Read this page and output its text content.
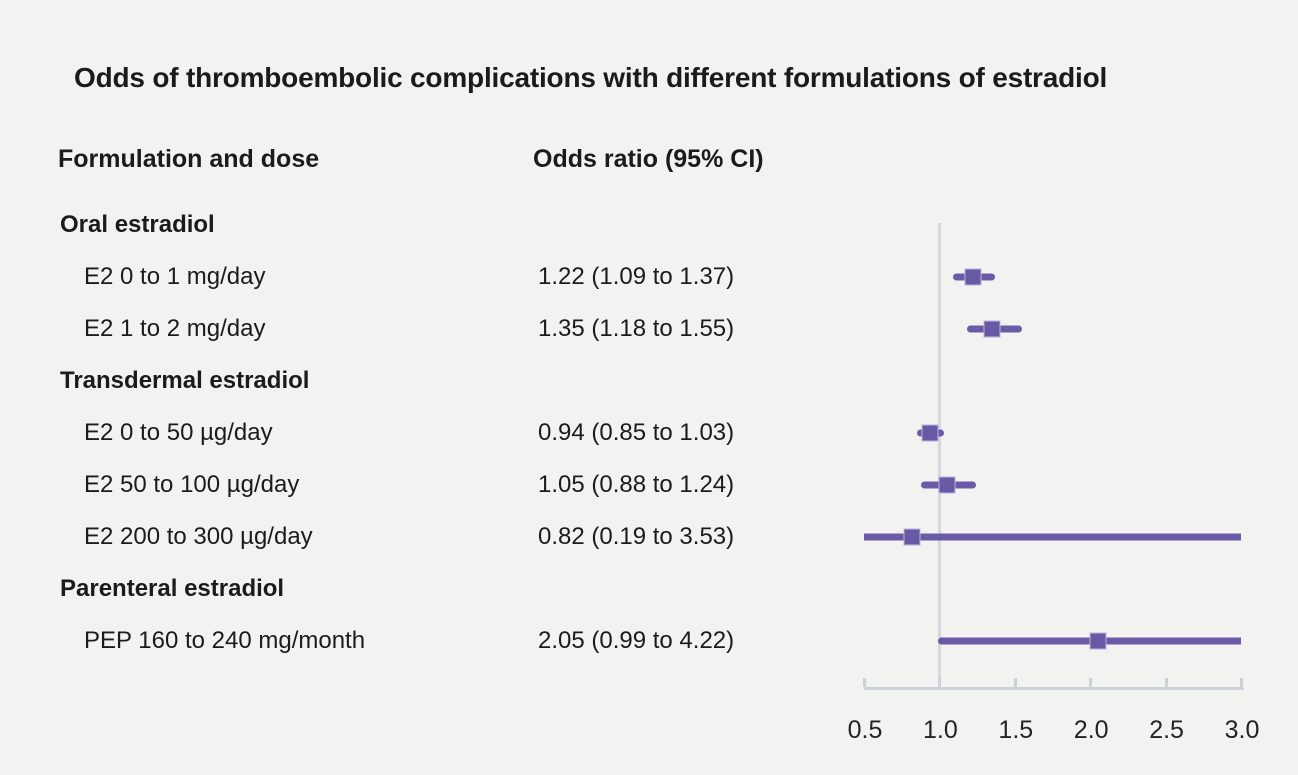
Odds of thromboembolic complications with different formulations of estradiol
Formulation and dose	Odds ratio (95% CI)
0.5 1.0 1.5 2.0 2.5 3.0
Oral estradiol
E2 0 to 1 mg/day	1.22 (1.09 to 1.37)
E2 1 to 2 mg/day	1.35 (1.18 to 1.55)
Transdermal estradiol
E2 0 to 50 µg/day	0.94 (0.85 to 1.03)
E2 50 to 100 µg/day	1.05 (0.88 to 1.24)
E2 200 to 300 µg/day	0.82 (0.19 to 3.53)
Parenteral estradiol
PEP 160 to 240 mg/month	2.05 (0.99 to 4.22)
